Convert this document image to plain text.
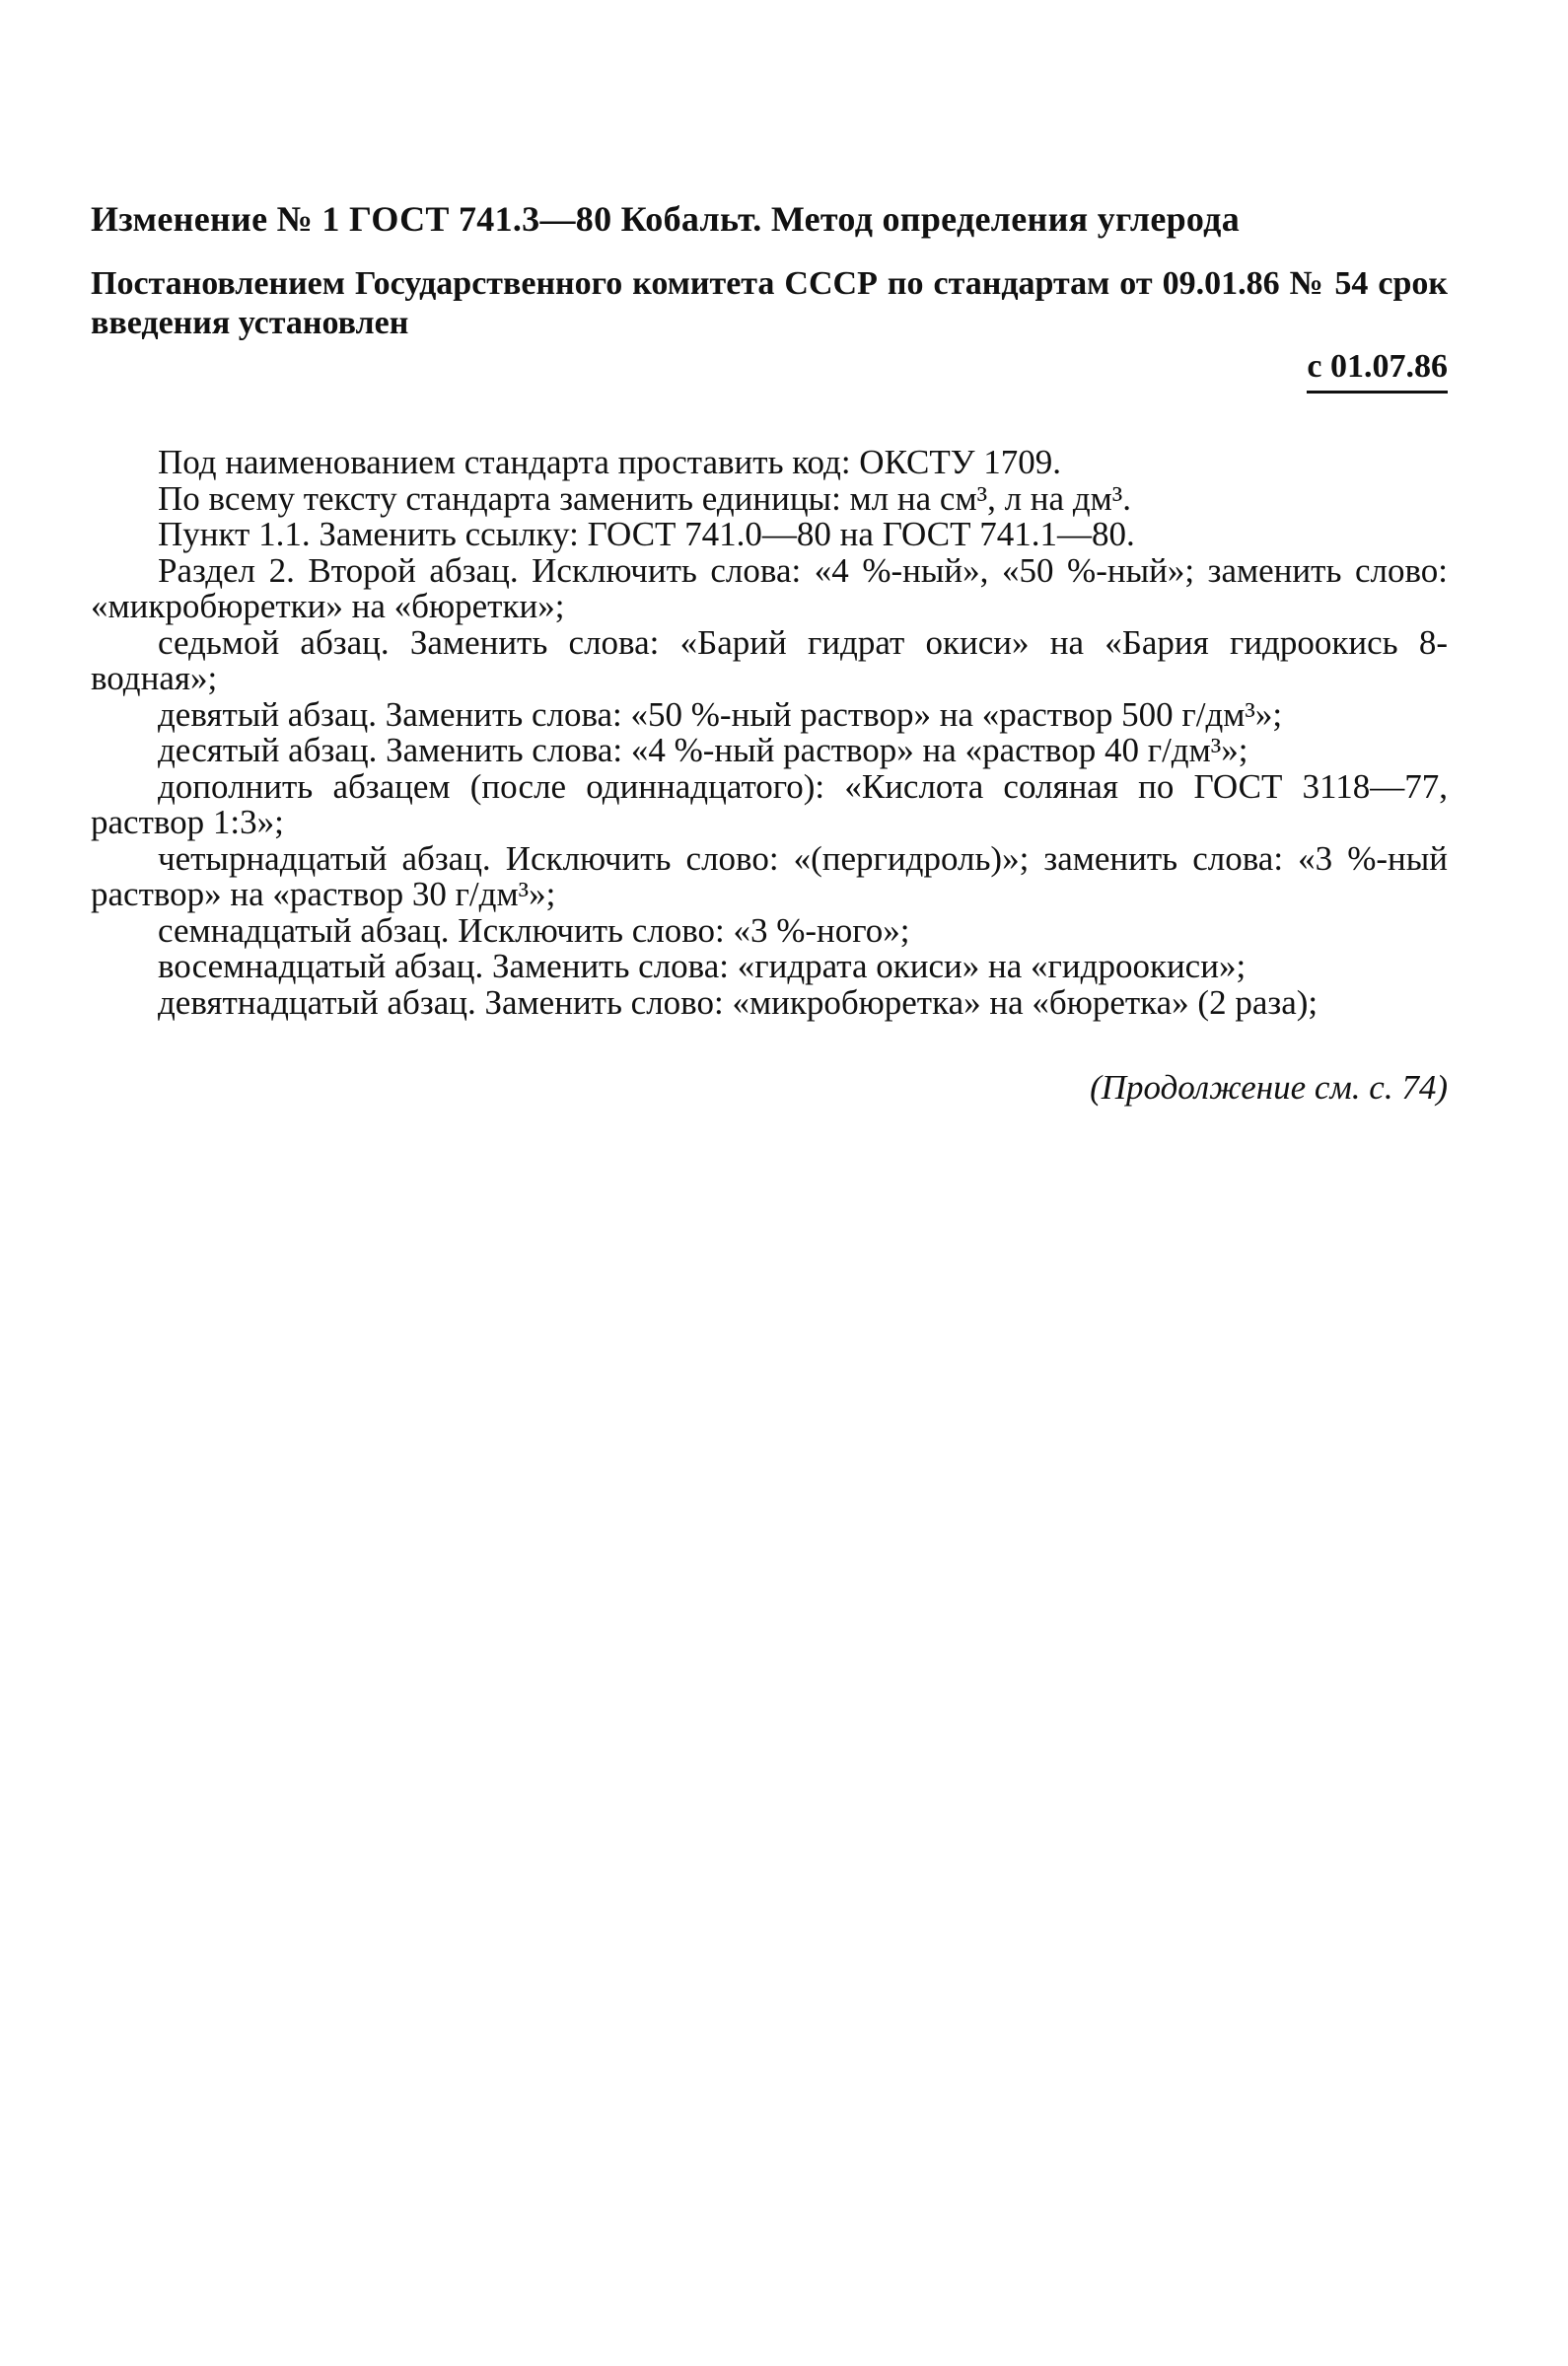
Изменение № 1 ГОСТ 741.3—80 Кобальт. Метод определения углерода
Постановлением Государственного комитета СССР по стандартам от 09.01.86 № 54 срок введения установлен
с 01.07.86

Под наименованием стандарта проставить код: ОКСТУ 1709.

По всему тексту стандарта заменить единицы: мл на см³, л на дм³.

Пункт 1.1. Заменить ссылку: ГОСТ 741.0—80 на ГОСТ 741.1—80.

Раздел 2. Второй абзац. Исключить слова: «4 %-ный», «50 %-ный»; заменить слово: «микробюретки» на «бюретки»;

седьмой абзац. Заменить слова: «Барий гидрат окиси» на «Бария гидроокись 8-водная»;

девятый абзац. Заменить слова: «50 %-ный раствор» на «раствор 500 г/дм³»;

десятый абзац. Заменить слова: «4 %-ный раствор» на «раствор 40 г/дм³»;

дополнить абзацем (после одиннадцатого): «Кислота соляная по ГОСТ 3118—77, раствор 1:3»;

четырнадцатый абзац. Исключить слово: «(пергидроль)»; заменить слова: «3 %-ный раствор» на «раствор 30 г/дм³»;

семнадцатый абзац. Исключить слово: «3 %-ного»;

восемнадцатый абзац. Заменить слова: «гидрата окиси» на «гидроокиси»;

девятнадцатый абзац. Заменить слово: «микробюретка» на «бюретка» (2 раза);

(Продолжение см. с. 74)
